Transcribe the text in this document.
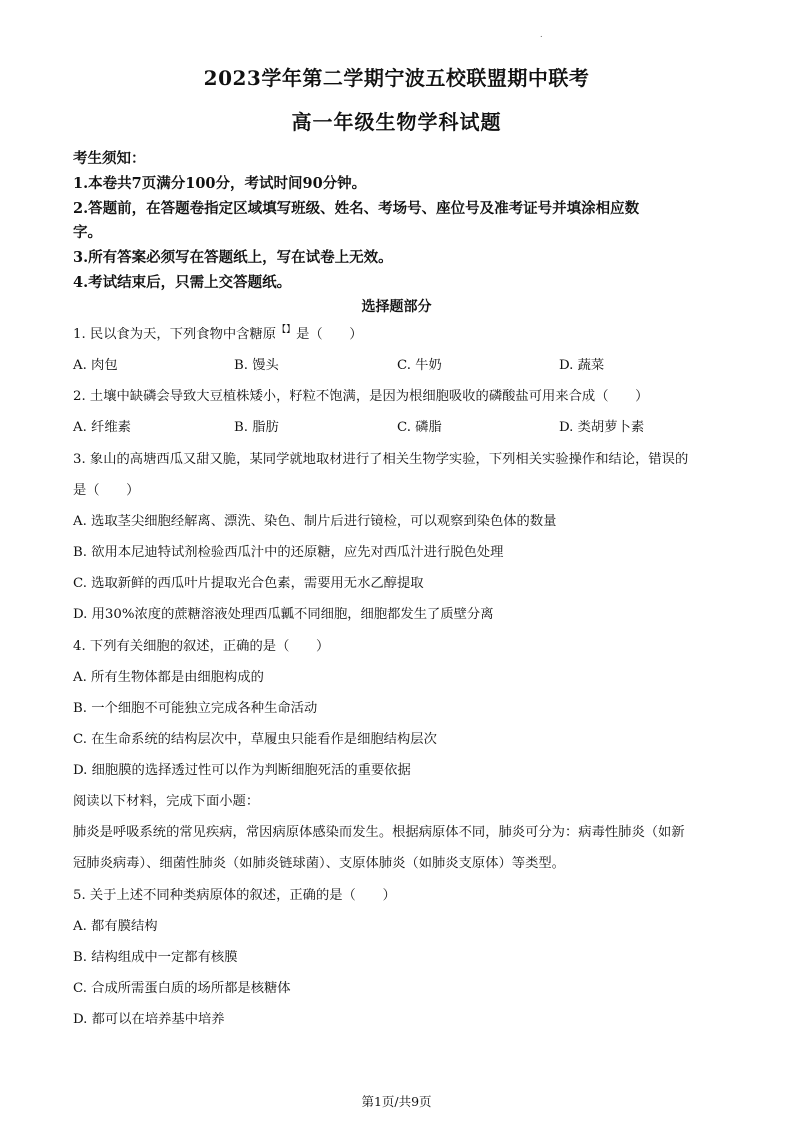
.
2023学年第二学期宁波五校联盟期中联考
高一年级生物学科试题
考生须知：
1.本卷共7页满分100分，考试时间90分钟。
2.答题前，在答题卷指定区域填写班级、姓名、考场号、座位号及准考证号并填涂相应数
字。
3.所有答案必须写在答题纸上，写在试卷上无效。
4.考试结束后，只需上交答题纸。
选择题部分
1. 民以食为天，下列食物中含糖原【】是（　　）
A. 肉包	B. 馒头	C. 牛奶	D. 蔬菜
2. 土壤中缺磷会导致大豆植株矮小，籽粒不饱满，是因为根细胞吸收的磷酸盐可用来合成（　　）
A. 纤维素	B. 脂肪	C. 磷脂	D. 类胡萝卜素
3. 象山的高塘西瓜又甜又脆，某同学就地取材进行了相关生物学实验，下列相关实验操作和结论，错误的
是（　　）
A. 选取茎尖细胞经解离、漂洗、染色、制片后进行镜检，可以观察到染色体的数量
B. 欲用本尼迪特试剂检验西瓜汁中的还原糖，应先对西瓜汁进行脱色处理
C. 选取新鲜的西瓜叶片提取光合色素，需要用无水乙醇提取
D. 用30%浓度的蔗糖溶液处理西瓜瓤不同细胞，细胞都发生了质壁分离
4. 下列有关细胞的叙述，正确的是（　　）
A. 所有生物体都是由细胞构成的
B. 一个细胞不可能独立完成各种生命活动
C. 在生命系统的结构层次中，草履虫只能看作是细胞结构层次
D. 细胞膜的选择透过性可以作为判断细胞死活的重要依据
阅读以下材料，完成下面小题：
肺炎是呼吸系统的常见疾病，常因病原体感染而发生。根据病原体不同，肺炎可分为：病毒性肺炎（如新
冠肺炎病毒）、细菌性肺炎（如肺炎链球菌）、支原体肺炎（如肺炎支原体）等类型。
5. 关于上述不同种类病原体的叙述，正确的是（　　）
A. 都有膜结构
B. 结构组成中一定都有核膜
C. 合成所需蛋白质的场所都是核糖体
D. 都可以在培养基中培养
第1页/共9页
